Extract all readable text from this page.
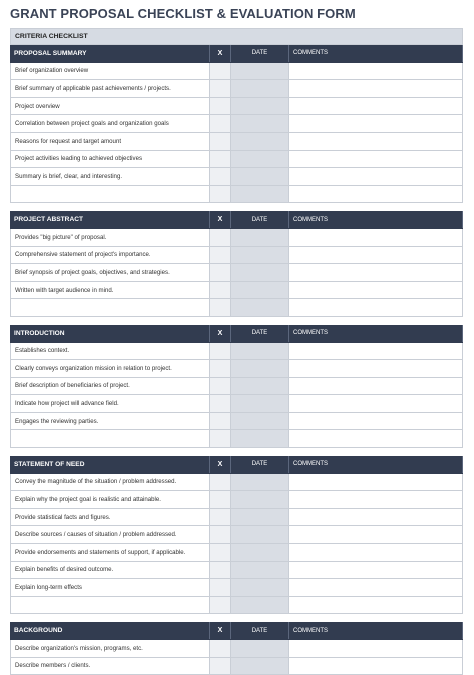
GRANT PROPOSAL CHECKLIST & EVALUATION FORM
CRITERIA CHECKLIST
PROPOSAL SUMMARY	X	DATE	COMMENTS
Brief organization overview
Brief summary of applicable past achievements / projects.
Project overview
Correlation between project goals and organization goals
Reasons for request and target amount
Project activities leading to achieved objectives
Summary is brief, clear, and interesting.
PROJECT ABSTRACT	X	DATE	COMMENTS
Provides "big picture" of proposal.
Comprehensive statement of project's importance.
Brief synopsis of project goals, objectives, and strategies.
Written with target audience in mind.
INTRODUCTION	X	DATE	COMMENTS
Establishes context.
Clearly conveys organization mission in relation to project.
Brief description of beneficiaries of project.
Indicate how project will advance field.
Engages the reviewing parties.
STATEMENT OF NEED	X	DATE	COMMENTS
Convey the magnitude of the situation / problem addressed.
Explain why the project goal is realistic and attainable.
Provide statistical facts and figures.
Describe sources / causes of situation / problem addressed.
Provide endorsements and statements of support, if applicable.
Explain benefits of desired outcome.
Explain long-term effects
BACKGROUND	X	DATE	COMMENTS
Describe organization's mission, programs, etc.
Describe members / clients.
